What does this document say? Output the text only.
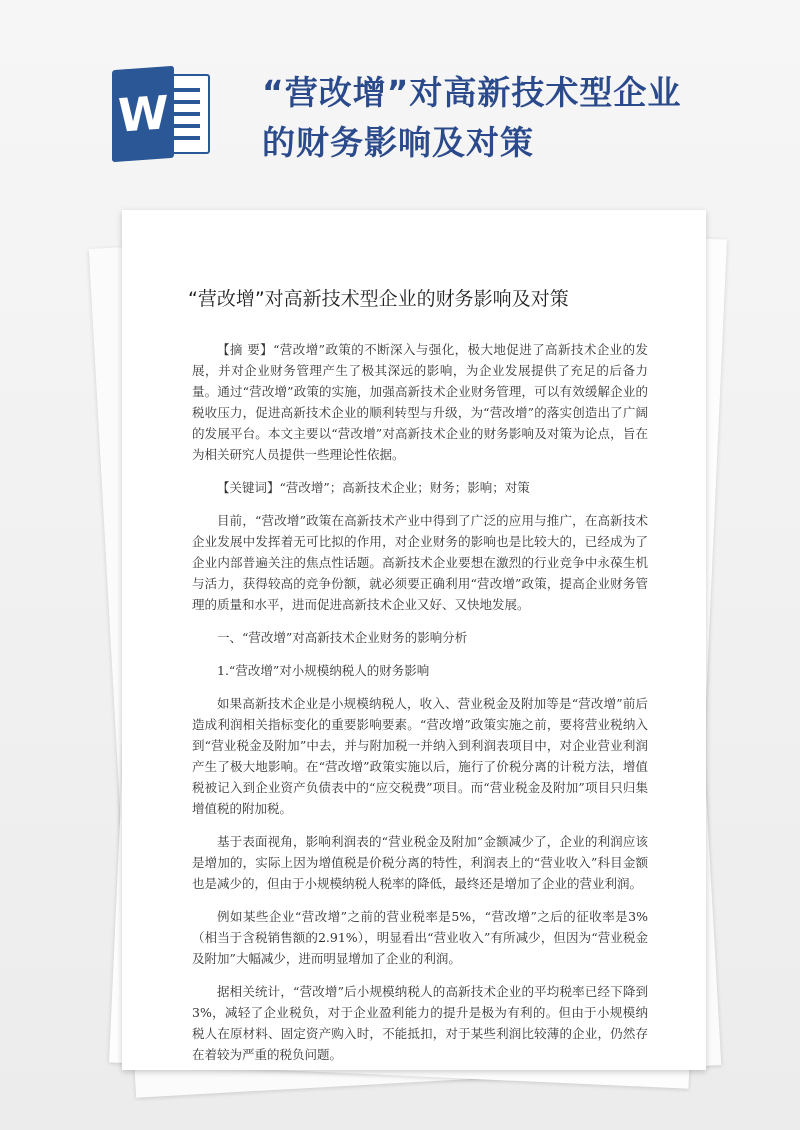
W	“营改增”对高新技术型企业
的财务影响及对策
“营改增”对高新技术型企业的财务影响及对策

【摘 要】“营改增”政策的不断深入与强化，极大地促进了高新技术企业的发展，并对企业财务管理产生了极其深远的影响，为企业发展提供了充足的后备力量。通过“营改增”政策的实施，加强高新技术企业财务管理，可以有效缓解企业的税收压力，促进高新技术企业的顺利转型与升级，为“营改增”的落实创造出了广阔的发展平台。本文主要以“营改增”对高新技术企业的财务影响及对策为论点，旨在为相关研究人员提供一些理论性依据。

【关键词】“营改增”；高新技术企业；财务；影响；对策

目前，“营改增”政策在高新技术产业中得到了广泛的应用与推广，在高新技术企业发展中发挥着无可比拟的作用，对企业财务的影响也是比较大的，已经成为了企业内部普遍关注的焦点性话题。高新技术企业要想在激烈的行业竞争中永葆生机与活力，获得较高的竞争份额，就必须要正确利用“营改增”政策，提高企业财务管理的质量和水平，进而促进高新技术企业又好、又快地发展。

一、“营改增”对高新技术企业财务的影响分析

1.“营改增”对小规模纳税人的财务影响

如果高新技术企业是小规模纳税人，收入、营业税金及附加等是“营改增”前后造成利润相关指标变化的重要影响要素。“营改增”政策实施之前，要将营业税纳入到“营业税金及附加”中去，并与附加税一并纳入到利润表项目中，对企业营业利润产生了极大地影响。在“营改增”政策实施以后，施行了价税分离的计税方法，增值税被记入到企业资产负债表中的“应交税费”项目。而“营业税金及附加”项目只归集增值税的附加税。

基于表面视角，影响利润表的“营业税金及附加”金额减少了，企业的利润应该是增加的，实际上因为增值税是价税分离的特性，利润表上的“营业收入”科目金额也是减少的，但由于小规模纳税人税率的降低，最终还是增加了企业的营业利润。

例如某些企业“营改增”之前的营业税率是5%，“营改增”之后的征收率是3%（相当于含税销售额的2.91%），明显看出“营业收入”有所减少，但因为“营业税金及附加”大幅减少，进而明显增加了企业的利润。

据相关统计，“营改增”后小规模纳税人的高新技术企业的平均税率已经下降到3%，减轻了企业税负，对于企业盈利能力的提升是极为有利的。但由于小规模纳税人在原材料、固定资产购入时，不能抵扣，对于某些利润比较薄的企业，仍然存在着较为严重的税负问题。
